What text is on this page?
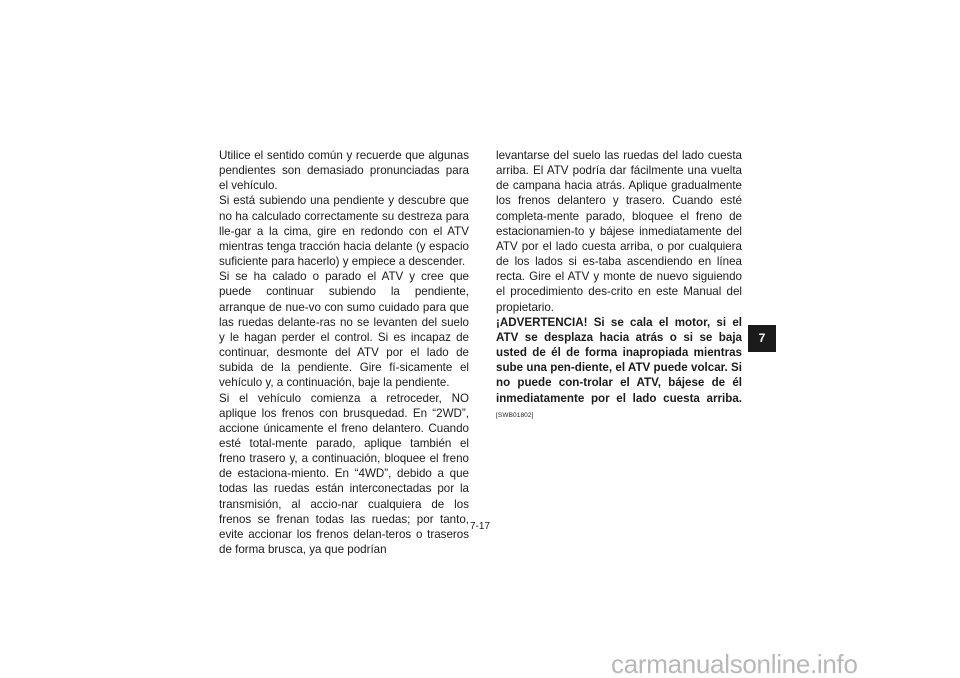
Utilice el sentido común y recuerde que algunas pendientes son demasiado pronunciadas para el vehículo.

Si está subiendo una pendiente y descubre que no ha calculado correctamente su destreza para lle-gar a la cima, gire en redondo con el ATV mientras tenga tracción hacia delante (y espacio suficiente para hacerlo) y empiece a descender.

Si se ha calado o parado el ATV y cree que puede continuar subiendo la pendiente, arranque de nue-vo con sumo cuidado para que las ruedas delante-ras no se levanten del suelo y le hagan perder el control. Si es incapaz de continuar, desmonte del ATV por el lado de subida de la pendiente. Gire fí-sicamente el vehículo y, a continuación, baje la pendiente.

Si el vehículo comienza a retroceder, NO aplique los frenos con brusquedad. En “2WD”, accione únicamente el freno delantero. Cuando esté total-mente parado, aplique también el freno trasero y, a continuación, bloquee el freno de estaciona-miento. En “4WD”, debido a que todas las ruedas están interconectadas por la transmisión, al accio-nar cualquiera de los frenos se frenan todas las ruedas; por tanto, evite accionar los frenos delan-teros o traseros de forma brusca, ya que podrían

levantarse del suelo las ruedas del lado cuesta arriba. El ATV podría dar fácilmente una vuelta de campana hacia atrás. Aplique gradualmente los frenos delantero y trasero. Cuando esté completa-mente parado, bloquee el freno de estacionamien-to y bájese inmediatamente del ATV por el lado cuesta arriba, o por cualquiera de los lados si es-taba ascendiendo en línea recta. Gire el ATV y monte de nuevo siguiendo el procedimiento des-crito en este Manual del propietario.

¡ADVERTENCIA! Si se cala el motor, si el ATV se desplaza hacia atrás o si se baja usted de él de forma inapropiada mientras sube una pen-diente, el ATV puede volcar. Si no puede con-trolar el ATV, bájese de él inmediatamente por el lado cuesta arriba. [SWB01802]

7-17
7
carmanualsonline.info
